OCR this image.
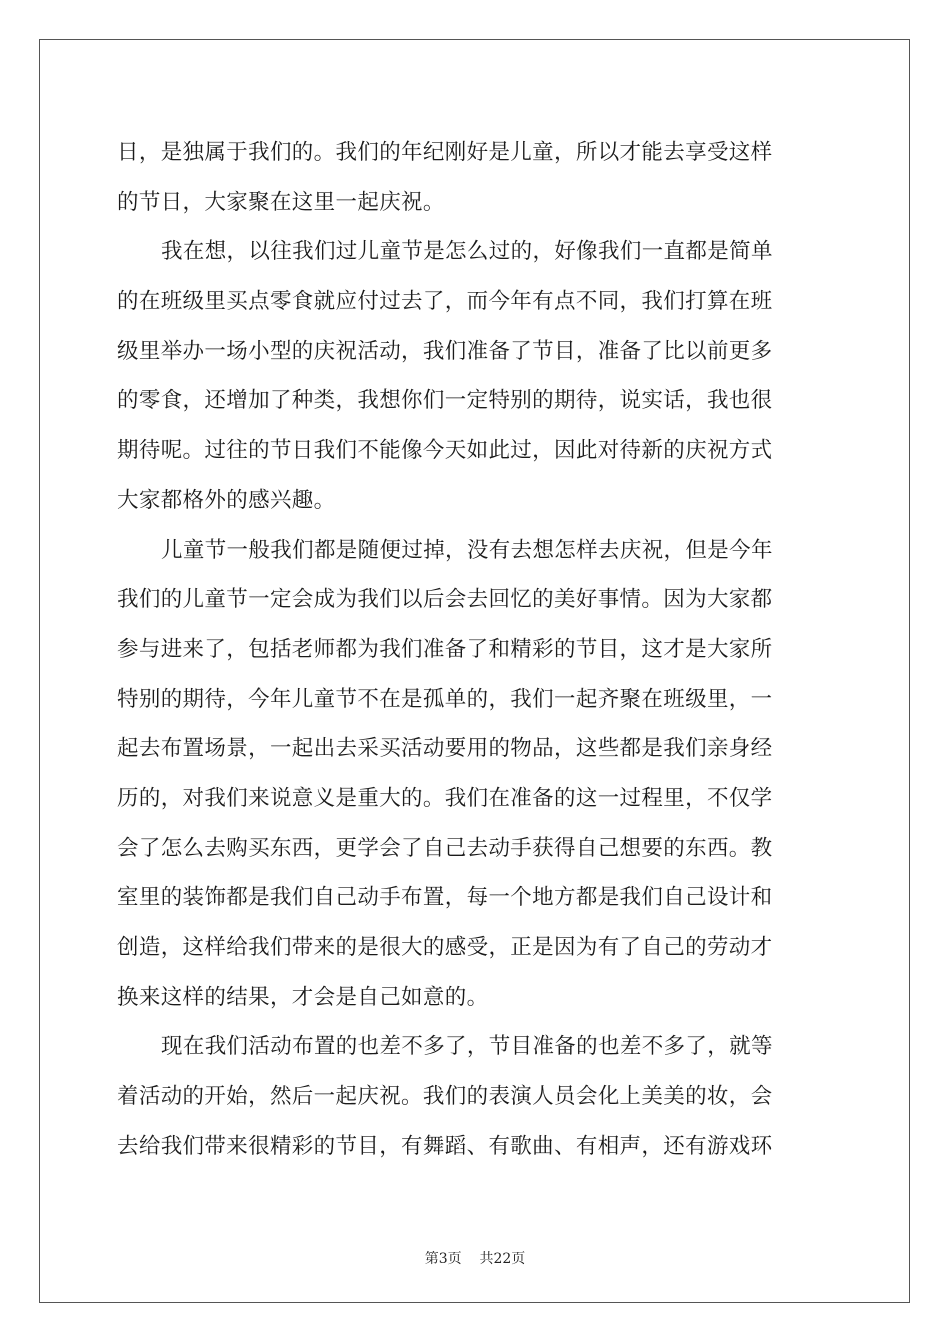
日，是独属于我们的。我们的年纪刚好是儿童，所以才能去享受这样
的节日，大家聚在这里一起庆祝。
我在想，以往我们过儿童节是怎么过的，好像我们一直都是简单
的在班级里买点零食就应付过去了，而今年有点不同，我们打算在班
级里举办一场小型的庆祝活动，我们准备了节目，准备了比以前更多
的零食，还增加了种类，我想你们一定特别的期待，说实话，我也很
期待呢。过往的节日我们不能像今天如此过，因此对待新的庆祝方式
大家都格外的感兴趣。
儿童节一般我们都是随便过掉，没有去想怎样去庆祝，但是今年
我们的儿童节一定会成为我们以后会去回忆的美好事情。因为大家都
参与进来了，包括老师都为我们准备了和精彩的节目，这才是大家所
特别的期待，今年儿童节不在是孤单的，我们一起齐聚在班级里，一
起去布置场景，一起出去采买活动要用的物品，这些都是我们亲身经
历的，对我们来说意义是重大的。我们在准备的这一过程里，不仅学
会了怎么去购买东西，更学会了自己去动手获得自己想要的东西。教
室里的装饰都是我们自己动手布置，每一个地方都是我们自己设计和
创造，这样给我们带来的是很大的感受，正是因为有了自己的劳动才
换来这样的结果，才会是自己如意的。
现在我们活动布置的也差不多了，节目准备的也差不多了，就等
着活动的开始，然后一起庆祝。我们的表演人员会化上美美的妆，会
去给我们带来很精彩的节目，有舞蹈、有歌曲、有相声，还有游戏环
第3页 共22页
